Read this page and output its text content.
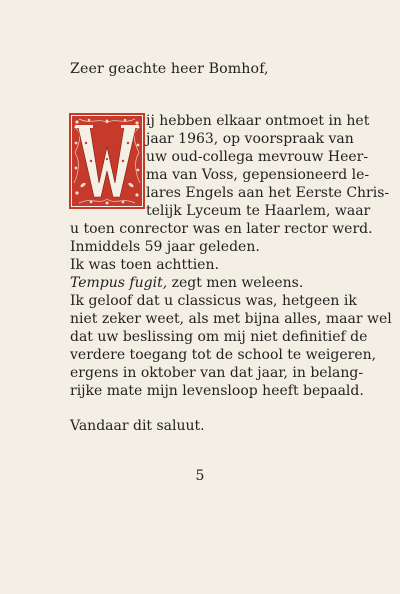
Zeer geachte heer Bomhof,
ij hebben elkaar ontmoet in het
jaar 1963, op voorspraak van
uw oud-collega mevrouw Heer-
ma van Voss, gepensioneerd le-
lares Engels aan het Eerste Chris-
telijk Lyceum te Haarlem, waar
u toen conrector was en later rector werd.
Inmiddels 59 jaar geleden.
Ik was toen achttien.
Tempus fugit, zegt men weleens.
Ik geloof dat u classicus was, hetgeen ik
niet zeker weet, als met bijna alles, maar wel
dat uw beslissing om mij niet definitief de
verdere toegang tot de school te weigeren,
ergens in oktober van dat jaar, in belang-
rijke mate mijn levensloop heeft bepaald.
Vandaar dit saluut.
5
